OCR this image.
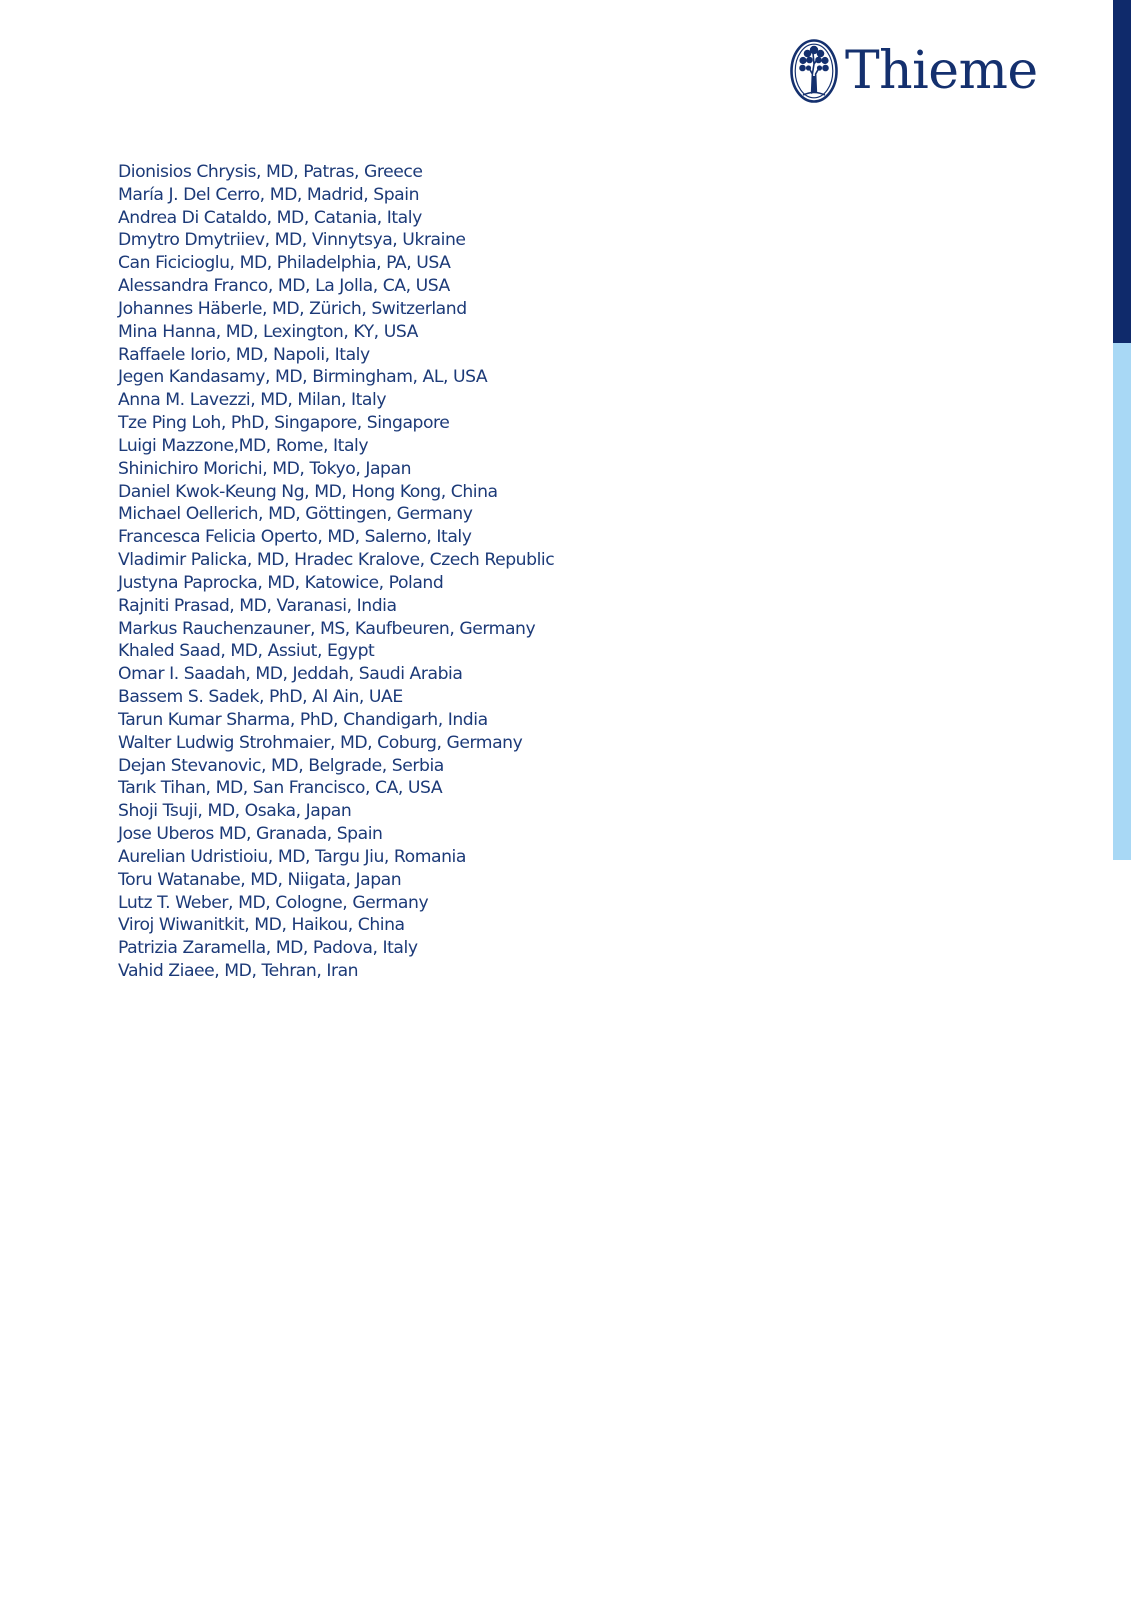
Thieme
Dionisios Chrysis, MD, Patras, Greece
María J. Del Cerro, MD, Madrid, Spain
Andrea Di Cataldo, MD, Catania, Italy
Dmytro Dmytriiev, MD, Vinnytsya, Ukraine
Can Ficicioglu, MD, Philadelphia, PA, USA
Alessandra Franco, MD, La Jolla, CA, USA
Johannes Häberle, MD, Zürich, Switzerland
Mina Hanna, MD, Lexington, KY, USA
Raffaele Iorio, MD, Napoli, Italy
Jegen Kandasamy, MD, Birmingham, AL, USA
Anna M. Lavezzi, MD, Milan, Italy
Tze Ping Loh, PhD, Singapore, Singapore
Luigi Mazzone,MD, Rome, Italy
Shinichiro Morichi, MD, Tokyo, Japan
Daniel Kwok-Keung Ng, MD, Hong Kong, China
Michael Oellerich, MD, Göttingen, Germany
Francesca Felicia Operto, MD, Salerno, Italy
Vladimir Palicka, MD, Hradec Kralove, Czech Republic
Justyna Paprocka, MD, Katowice, Poland
Rajniti Prasad, MD, Varanasi, India
Markus Rauchenzauner, MS, Kaufbeuren, Germany
Khaled Saad, MD, Assiut, Egypt
Omar I. Saadah, MD, Jeddah, Saudi Arabia
Bassem S. Sadek, PhD, Al Ain, UAE
Tarun Kumar Sharma, PhD, Chandigarh, India
Walter Ludwig Strohmaier, MD, Coburg, Germany
Dejan Stevanovic, MD, Belgrade, Serbia
Tarık Tihan, MD, San Francisco, CA, USA
Shoji Tsuji, MD, Osaka, Japan
Jose Uberos MD, Granada, Spain
Aurelian Udristioiu, MD, Targu Jiu, Romania
Toru Watanabe, MD, Niigata, Japan
Lutz T. Weber, MD, Cologne, Germany
Viroj Wiwanitkit, MD, Haikou, China
Patrizia Zaramella, MD, Padova, Italy
Vahid Ziaee, MD, Tehran, Iran
